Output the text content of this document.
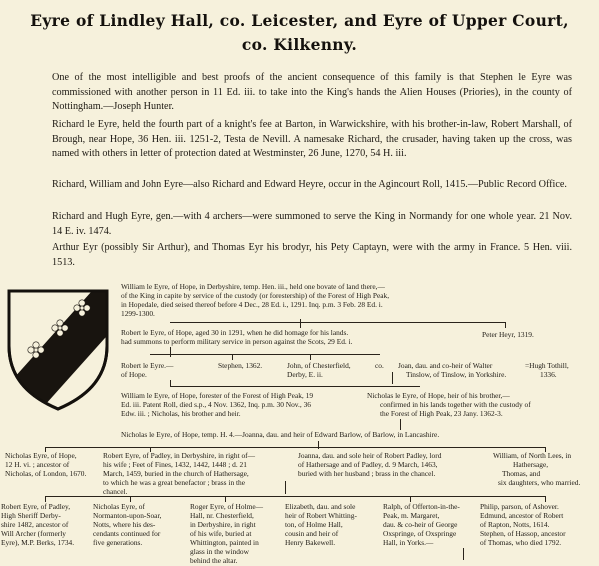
Eyre of Lindley Hall, co. Leicester, and Eyre of Upper Court,
co. Kilkenny.
One of the most intelligible and best proofs of the ancient consequence of this family is that Stephen le Eyre was commissioned with another person in 11 Ed. iii. to take into the King's hands the Alien Houses (Priories), in the county of Nottingham.—Joseph Hunter.
Richard le Eyre, held the fourth part of a knight's fee at Barton, in Warwickshire, with his brother-in-law, Robert Marshall, of Brough, near Hope, 36 Hen. iii. 1251-2, Testa de Nevill. A namesake Richard, the crusader, having taken up the cross, was named with others in letter of protection dated at Westminster, 26 June, 1270, 54 H. iii.
Richard, William and John Eyre—also Richard and Edward Heyre, occur in the Agincourt Roll, 1415.—Public Record Office.
Richard and Hugh Eyre, gen.—with 4 archers—were summoned to serve the King in Normandy for one whole year. 21 Nov. 14 E. iv. 1474.
Arthur Eyr (possibly Sir Arthur), and Thomas Eyr his brodyr, his Pety Captayn, were with the army in France. 5 Hen. viii. 1513.
William le Eyre, of Hope, in Derbyshire, temp. Hen. iii., held one bovate of land there,—
of the King in capite by service of the custody (or forestership) of the Forest of High Peak,
in Hopedale, died seised thereof before 4 Dec., 28 Ed. i., 1291. Inq. p.m. 3 Feb. 28 Ed. i.
1299-1300.
Robert le Eyre, of Hope, aged 30 in 1291, when he did homage for his lands.
had summons to perform military service in person against the Scots, 29 Ed. i.
Peter Heyr, 1319.
Robert le Eyre.—
of Hope.
Stephen, 1362.	John, of Chesterfield,
Derby, E. ii.
co. Joan, dau. and co-heir of Walter
Tinslow, of Tinslow, in Yorkshire.
=Hugh Tothill,
1336.
William le Eyre, of Hope, forester of the Forest of High Peak, 19
Ed. iii. Patent Roll, died s.p., 4 Nov. 1362, Inq. p.m. 30 Nov., 36
Edw. iii. ; Nicholas, his brother and heir.
Nicholas le Eyre, of Hope, heir of his brother,—
confirmed in his lands together with the custody of
the Forest of High Peak, 23 Jany. 1362-3.
Nicholas le Eyre, of Hope, temp. H. 4.—Joanna, dau. and heir of Edward Barlow, of Barlow, in Lancashire.
Nicholas Eyre, of Hope,
12 H. vi. ; ancestor of
Nicholas, of London, 1670.
Robert Eyre, of Padley, in Derbyshire, in right of—
his wife ; Feet of Fines, 1432, 1442, 1448 ; d. 21
March, 1459, buried in the church of Hathersage,
to which he was a great benefactor ; brass in the
chancel.
Joanna, dau. and sole heir of Robert Padley, lord
of Hathersage and of Padley, d. 9 March, 1463,
buried with her husband ; brass in the chancel.
William, of North Lees, in
Hathersage,
Thomas, and
six daughters, who married.
Robert Eyre, of Padley,
High Sheriff Derby-
shire 1482, ancestor of
Will Archer (formerly
Eyre), M.P. Berks, 1734.
Nicholas Eyre, of
Normanton-upon-Soar,
Notts, where his des-
cendants continued for
five generations.
Roger Eyre, of Holme—
Hall, nr. Chesterfield,
in Derbyshire, in right
of his wife, buried at
Whittington, painted in
glass in the window
behind the altar.
Elizabeth, dau. and sole
heir of Robert Whitting-
ton, of Holme Hall,
cousin and heir of
Henry Bakewell.
Ralph, of Offerton-in-the-
Peak, m. Margaret,
dau. & co-heir of George
Oxspringe, of Oxspringe
Hall, in Yorks.—
Philip, parson, of Ashover.
Edmund, ancestor of Robert
of Rapton, Notts, 1614.
Stephen, of Hassop, ancestor
of Thomas, who died 1792.
